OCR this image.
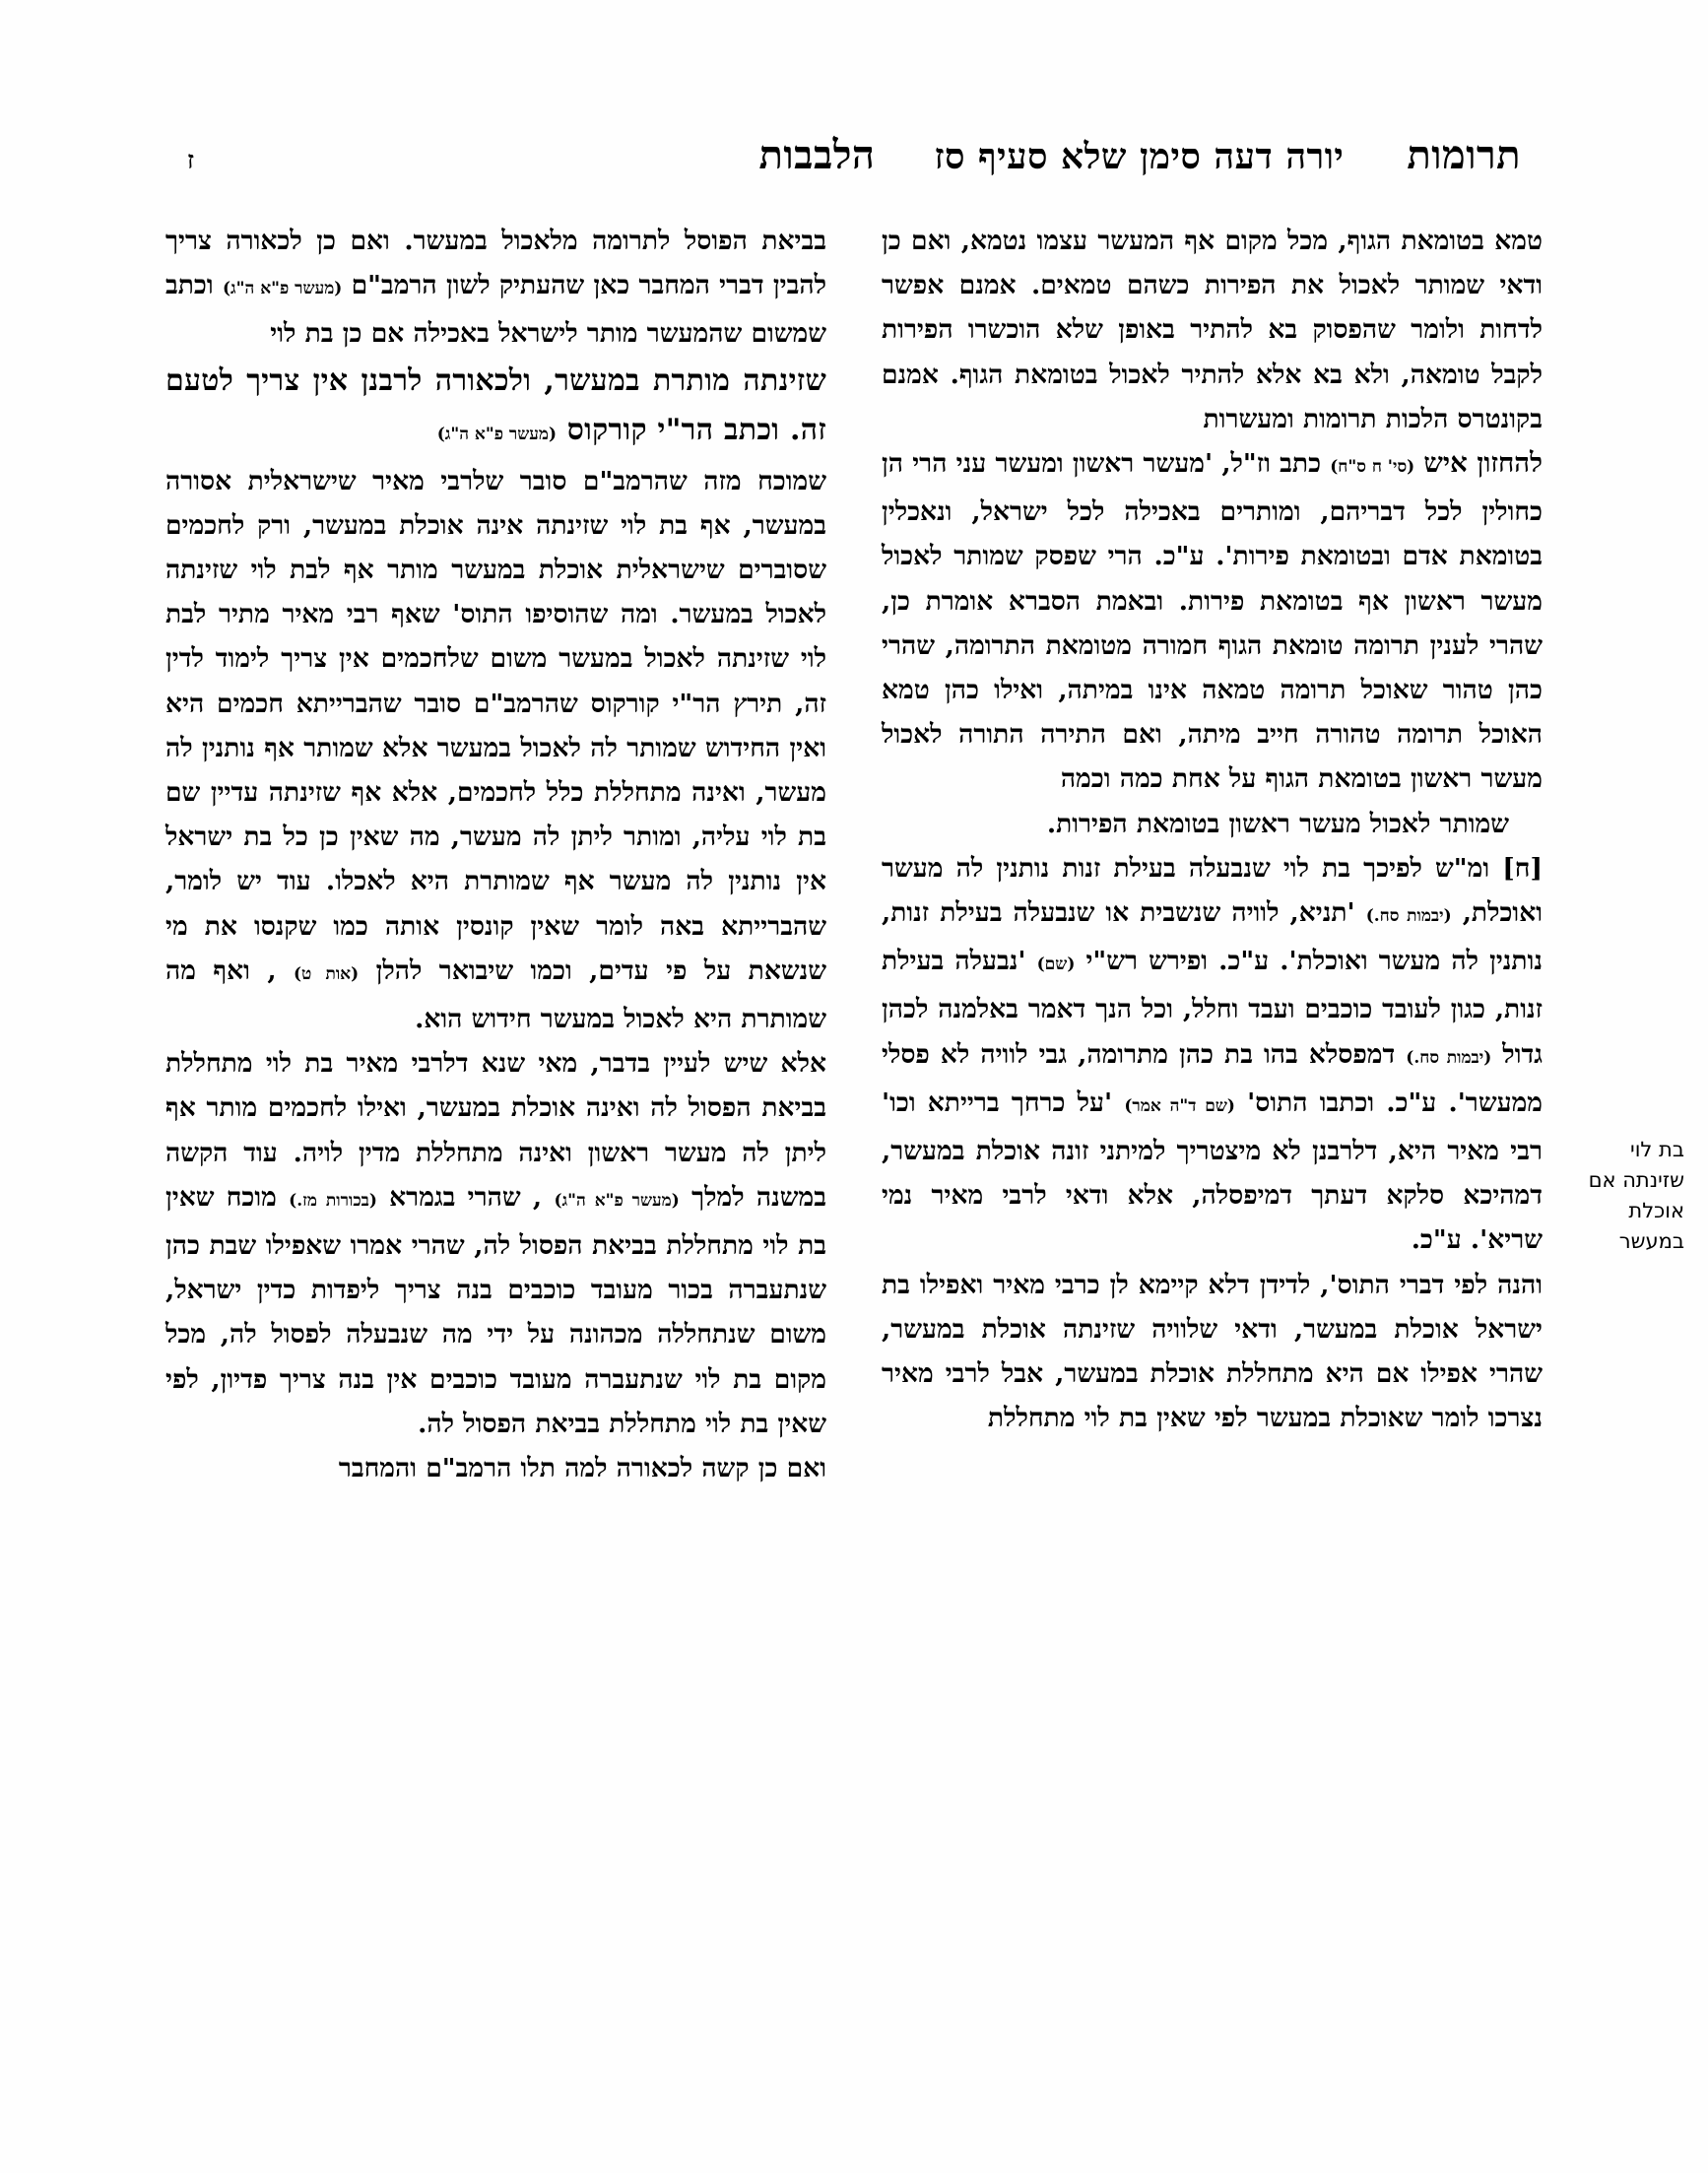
תרומות
יורה דעה סימן שלא סעיף סז
הלבבות
ז
בת לוי
שזינתה אם
אוכלת
במעשר

טמא בטומאת הגוף, מכל מקום אף המעשר עצמו נטמא, ואם כן ודאי שמותר לאכול את הפירות כשהם טמאים. אמנם אפשר לדחות ולומר שהפסוק בא להתיר באופן שלא הוכשרו הפירות לקבל טומאה, ולא בא אלא להתיר לאכול בטומאת הגוף. אמנם בקונטרס הלכות תרומות ומעשרות

להחזון איש (סי' ח ס"ח) כתב וז"ל, 'מעשר ראשון ומעשר עני הרי הן כחולין לכל דבריהם, ומותרים באכילה לכל ישראל, ונאכלין בטומאת אדם ובטומאת פירות'. ע"כ. הרי שפסק שמותר לאכול מעשר ראשון אף בטומאת פירות. ובאמת הסברא אומרת כן, שהרי לענין תרומה טומאת הגוף חמורה מטומאת התרומה, שהרי כהן טהור שאוכל תרומה טמאה אינו במיתה, ואילו כהן טמא האוכל תרומה טהורה חייב מיתה, ואם התירה התורה לאכול מעשר ראשון בטומאת הגוף על אחת כמה וכמה

שמותר לאכול מעשר ראשון בטומאת הפירות.

[ח] ומ"ש לפיכך בת לוי שנבעלה בעילת זנות נותנין לה מעשר ואוכלת, (יבמות סח.) 'תניא, לוויה שנשבית או שנבעלה בעילת זנות, נותנין לה מעשר ואוכלת'. ע"כ. ופירש רש"י (שם) 'נבעלה בעילת זנות, כגון לעובד כוכבים ועבד וחלל, וכל הנך דאמר באלמנה לכהן גדול (יבמות סח.) דמפסלא בהו בת כהן מתרומה, גבי לוויה לא פסלי ממעשר'. ע"כ. וכתבו התוס' (שם ד"ה אמר) 'על כרחך ברייתא וכו' רבי מאיר היא, דלרבנן לא מיצטריך למיתני זונה אוכלת במעשר, דמהיכא סלקא דעתך דמיפסלה, אלא ודאי לרבי מאיר נמי שריא'. ע"כ.

והנה לפי דברי התוס', לדידן דלא קיימא לן כרבי מאיר ואפילו בת ישראל אוכלת במעשר, ודאי שלוויה שזינתה אוכלת במעשר, שהרי אפילו אם היא מתחללת אוכלת במעשר, אבל לרבי מאיר נצרכו לומר שאוכלת במעשר לפי שאין בת לוי מתחללת

בביאת הפוסל לתרומה מלאכול במעשר. ואם כן לכאורה צריך להבין דברי המחבר כאן שהעתיק לשון הרמב"ם (מעשר פ"א ה"ג) וכתב שמשום שהמעשר מותר לישראל באכילה אם כן בת לוי

שזינתה מותרת במעשר, ולכאורה לרבנן אין צריך לטעם זה. וכתב הר"י קורקוס (מעשר פ"א ה"ג)

שמוכח מזה שהרמב"ם סובר שלרבי מאיר שישראלית אסורה במעשר, אף בת לוי שזינתה אינה אוכלת במעשר, ורק לחכמים שסוברים שישראלית אוכלת במעשר מותר אף לבת לוי שזינתה לאכול במעשר. ומה שהוסיפו התוס' שאף רבי מאיר מתיר לבת לוי שזינתה לאכול במעשר משום שלחכמים אין צריך לימוד לדין זה, תירץ הר"י קורקוס שהרמב"ם סובר שהברייתא חכמים היא ואין החידוש שמותר לה לאכול במעשר אלא שמותר אף נותנין לה מעשר, ואינה מתחללת כלל לחכמים, אלא אף שזינתה עדיין שם בת לוי עליה, ומותר ליתן לה מעשר, מה שאין כן כל בת ישראל אין נותנין לה מעשר אף שמותרת היא לאכלו. עוד יש לומר, שהברייתא באה לומר שאין קונסין אותה כמו שקנסו את מי שנשאת על פי עדים, וכמו שיבואר להלן (אות ט) , ואף מה שמותרת היא לאכול במעשר חידוש הוא.

אלא שיש לעיין בדבר, מאי שנא דלרבי מאיר בת לוי מתחללת בביאת הפסול לה ואינה אוכלת במעשר, ואילו לחכמים מותר אף ליתן לה מעשר ראשון ואינה מתחללת מדין לויה. עוד הקשה במשנה למלך (מעשר פ"א ה"ג) , שהרי בגמרא (בכורות מז.) מוכח שאין בת לוי מתחללת בביאת הפסול לה, שהרי אמרו שאפילו שבת כהן שנתעברה בכור מעובד כוכבים בנה צריך ליפדות כדין ישראל, משום שנתחללה מכהונה על ידי מה שנבעלה לפסול לה, מכל מקום בת לוי שנתעברה מעובד כוכבים אין בנה צריך פדיון, לפי שאין בת לוי מתחללת בביאת הפסול לה.

ואם כן קשה לכאורה למה תלו הרמב"ם והמחבר
